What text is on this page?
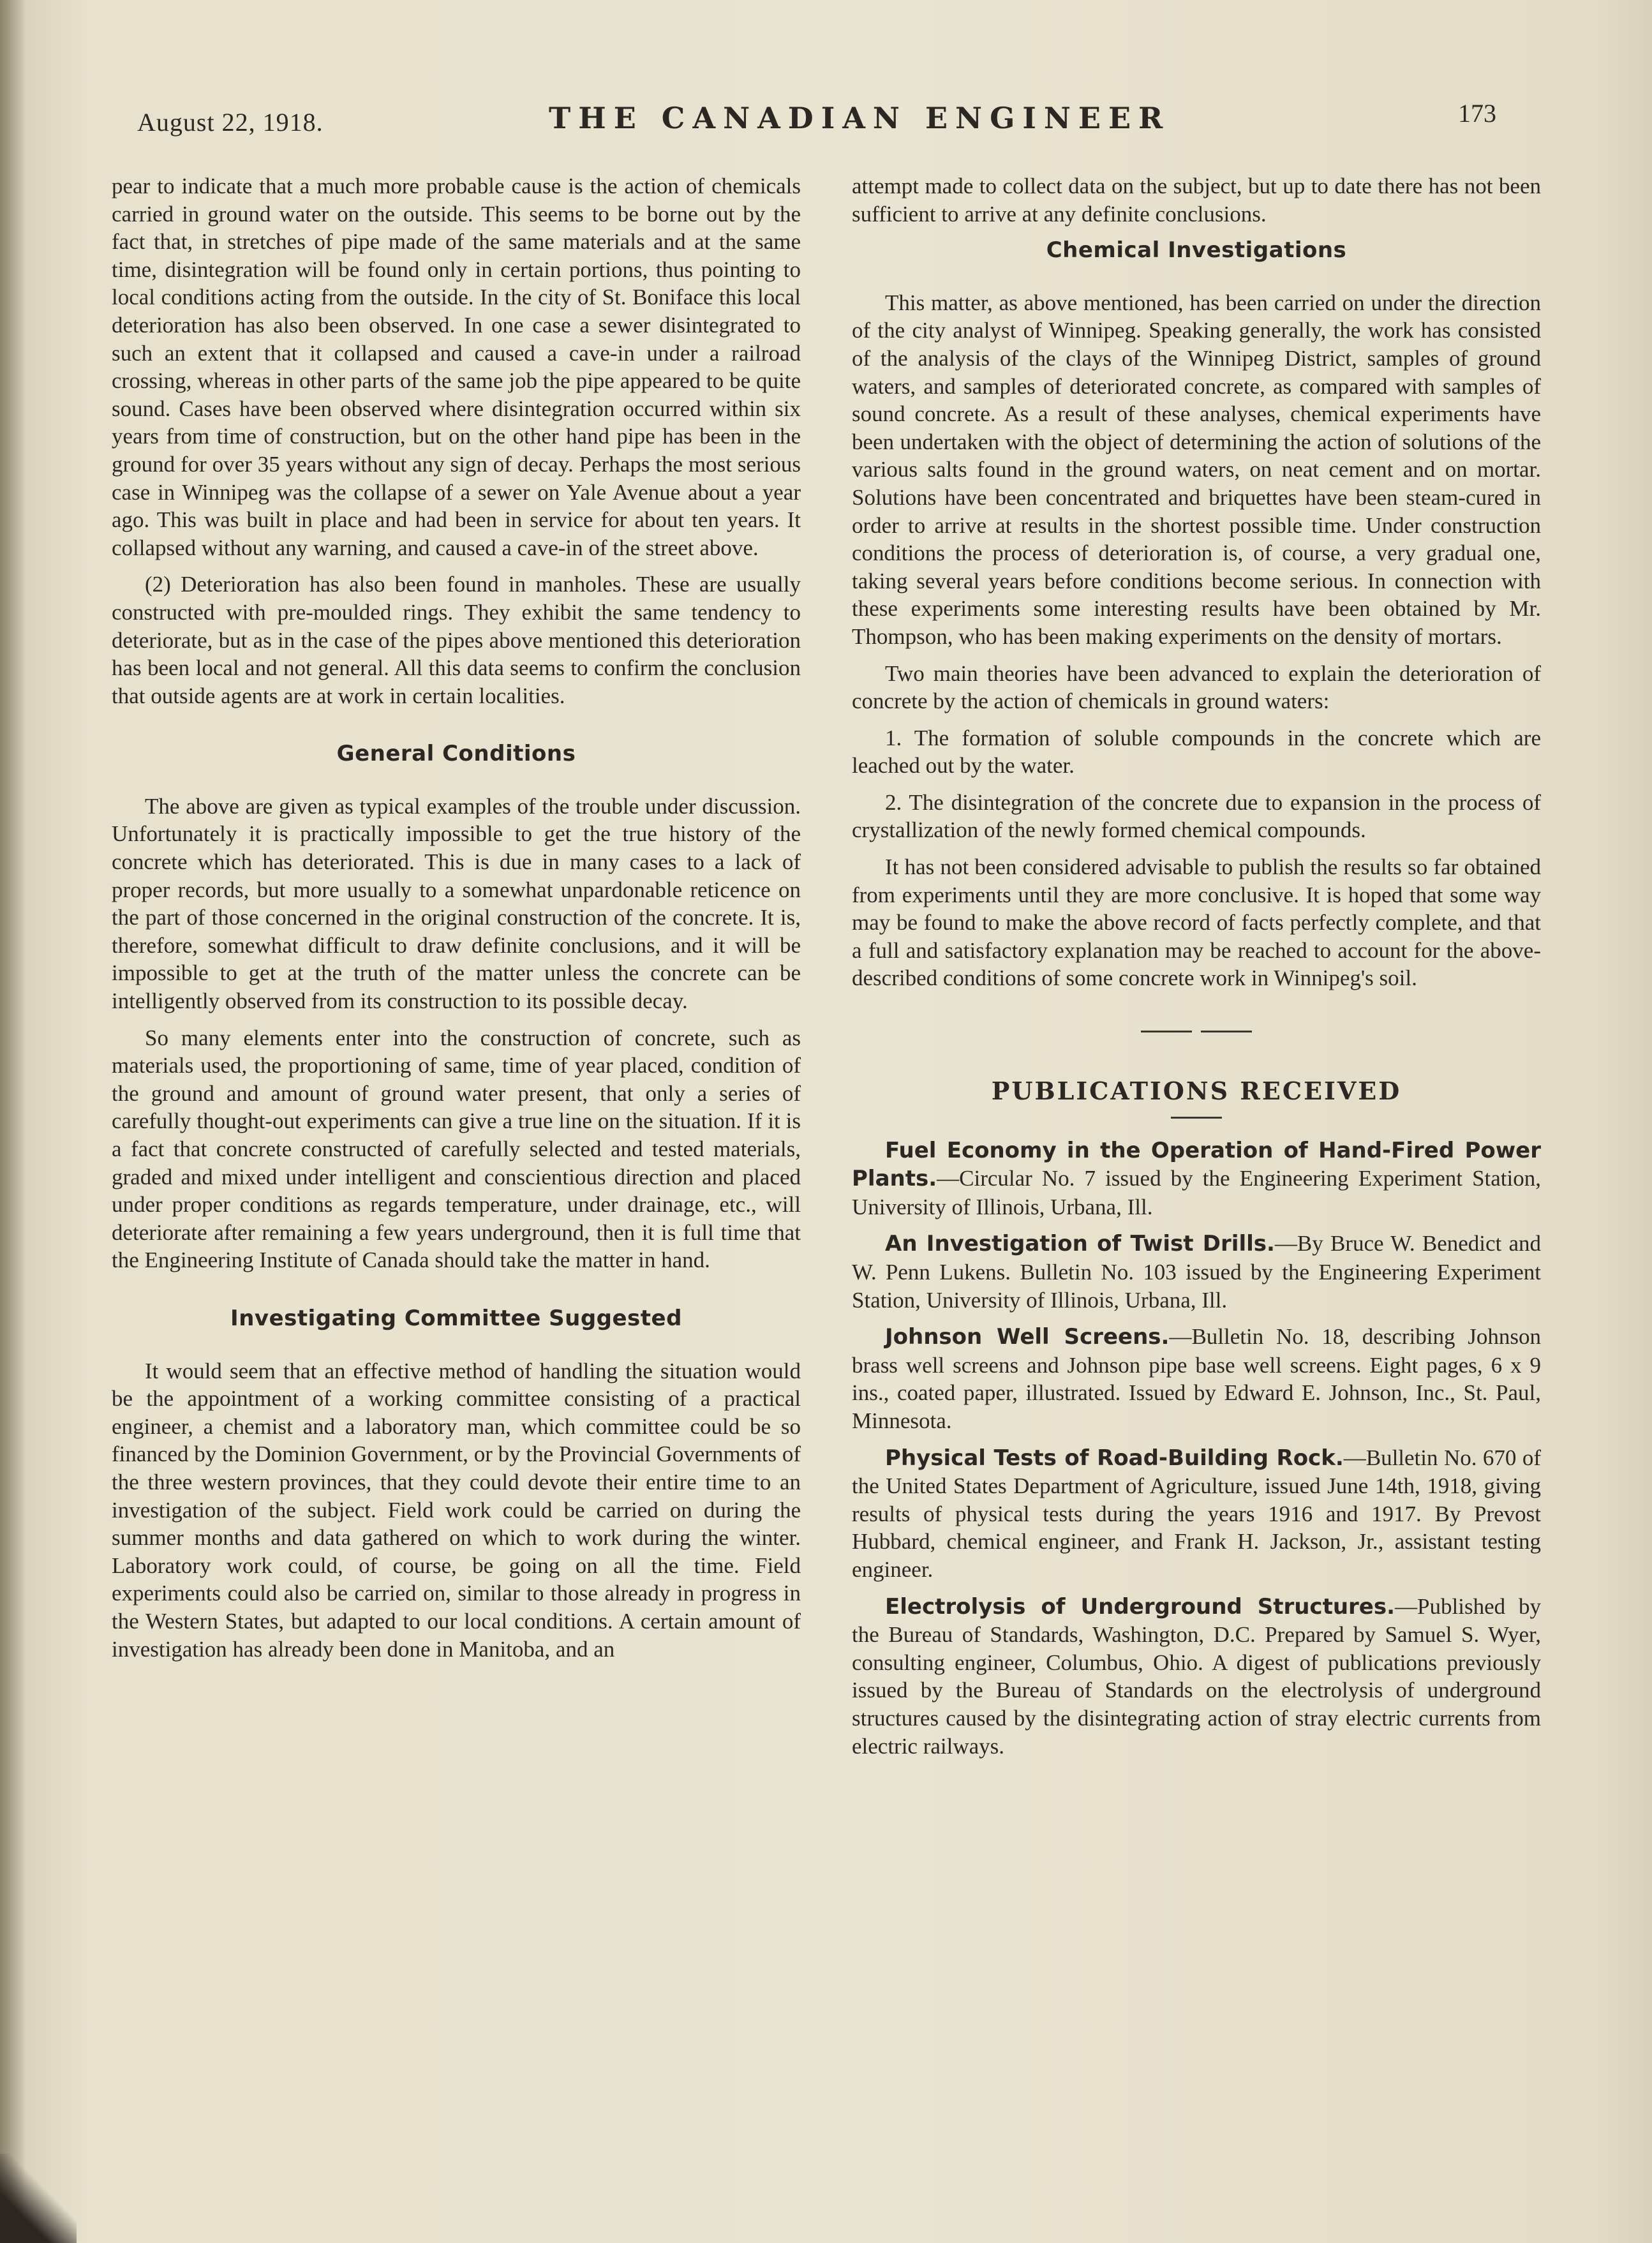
August 22, 1918.	THE CANADIAN ENGINEER	173

pear to indicate that a much more probable cause is the action of chemicals carried in ground water on the outside. This seems to be borne out by the fact that, in stretches of pipe made of the same materials and at the same time, disintegration will be found only in certain portions, thus pointing to local conditions acting from the outside. In the city of St. Boniface this local deterioration has also been observed. In one case a sewer disintegrated to such an extent that it collapsed and caused a cave-in under a railroad crossing, whereas in other parts of the same job the pipe appeared to be quite sound. Cases have been observed where disintegration occurred within six years from time of construction, but on the other hand pipe has been in the ground for over 35 years without any sign of decay. Perhaps the most serious case in Winnipeg was the collapse of a sewer on Yale Avenue about a year ago. This was built in place and had been in service for about ten years. It collapsed without any warning, and caused a cave-in of the street above.

(2) Deterioration has also been found in manholes. These are usually constructed with pre-moulded rings. They exhibit the same tendency to deteriorate, but as in the case of the pipes above mentioned this deterioration has been local and not general. All this data seems to confirm the conclusion that outside agents are at work in certain localities.

General Conditions

The above are given as typical examples of the trouble under discussion. Unfortunately it is practically impossible to get the true history of the concrete which has deteriorated. This is due in many cases to a lack of proper records, but more usually to a somewhat unpardonable reticence on the part of those concerned in the original construction of the concrete. It is, therefore, somewhat difficult to draw definite conclusions, and it will be impossible to get at the truth of the matter unless the concrete can be intelligently observed from its construction to its possible decay.

So many elements enter into the construction of concrete, such as materials used, the proportioning of same, time of year placed, condition of the ground and amount of ground water present, that only a series of carefully thought-out experiments can give a true line on the situation. If it is a fact that concrete constructed of carefully selected and tested materials, graded and mixed under intelligent and conscientious direction and placed under proper conditions as regards temperature, under drainage, etc., will deteriorate after remaining a few years underground, then it is full time that the Engineering Institute of Canada should take the matter in hand.

Investigating Committee Suggested

It would seem that an effective method of handling the situation would be the appointment of a working committee consisting of a practical engineer, a chemist and a laboratory man, which committee could be so financed by the Dominion Government, or by the Provincial Governments of the three western provinces, that they could devote their entire time to an investigation of the subject. Field work could be carried on during the summer months and data gathered on which to work during the winter. Laboratory work could, of course, be going on all the time. Field experiments could also be carried on, similar to those already in progress in the Western States, but adapted to our local conditions. A certain amount of investigation has already been done in Manitoba, and an

attempt made to collect data on the subject, but up to date there has not been sufficient to arrive at any definite conclusions.

Chemical Investigations

This matter, as above mentioned, has been carried on under the direction of the city analyst of Winnipeg. Speaking generally, the work has consisted of the analysis of the clays of the Winnipeg District, samples of ground waters, and samples of deteriorated concrete, as compared with samples of sound concrete. As a result of these analyses, chemical experiments have been undertaken with the object of determining the action of solutions of the various salts found in the ground waters, on neat cement and on mortar. Solutions have been concentrated and briquettes have been steam-cured in order to arrive at results in the shortest possible time. Under construction conditions the process of deterioration is, of course, a very gradual one, taking several years before conditions become serious. In connection with these experiments some interesting results have been obtained by Mr. Thompson, who has been making experiments on the density of mortars.

Two main theories have been advanced to explain the deterioration of concrete by the action of chemicals in ground waters:

1. The formation of soluble compounds in the concrete which are leached out by the water.

2. The disintegration of the concrete due to expansion in the process of crystallization of the newly formed chemical compounds.

It has not been considered advisable to publish the results so far obtained from experiments until they are more conclusive. It is hoped that some way may be found to make the above record of facts perfectly complete, and that a full and satisfactory explanation may be reached to account for the above-described conditions of some concrete work in Winnipeg's soil.

PUBLICATIONS RECEIVED

Fuel Economy in the Operation of Hand-Fired Power Plants.—Circular No. 7 issued by the Engineering Experiment Station, University of Illinois, Urbana, Ill.

An Investigation of Twist Drills.—By Bruce W. Benedict and W. Penn Lukens. Bulletin No. 103 issued by the Engineering Experiment Station, University of Illinois, Urbana, Ill.

Johnson Well Screens.—Bulletin No. 18, describing Johnson brass well screens and Johnson pipe base well screens. Eight pages, 6 x 9 ins., coated paper, illustrated. Issued by Edward E. Johnson, Inc., St. Paul, Minnesota.

Physical Tests of Road-Building Rock.—Bulletin No. 670 of the United States Department of Agriculture, issued June 14th, 1918, giving results of physical tests during the years 1916 and 1917. By Prevost Hubbard, chemical engineer, and Frank H. Jackson, Jr., assistant testing engineer.

Electrolysis of Underground Structures.—Published by the Bureau of Standards, Washington, D.C. Prepared by Samuel S. Wyer, consulting engineer, Columbus, Ohio. A digest of publications previously issued by the Bureau of Standards on the electrolysis of underground structures caused by the disintegrating action of stray electric currents from electric railways.
